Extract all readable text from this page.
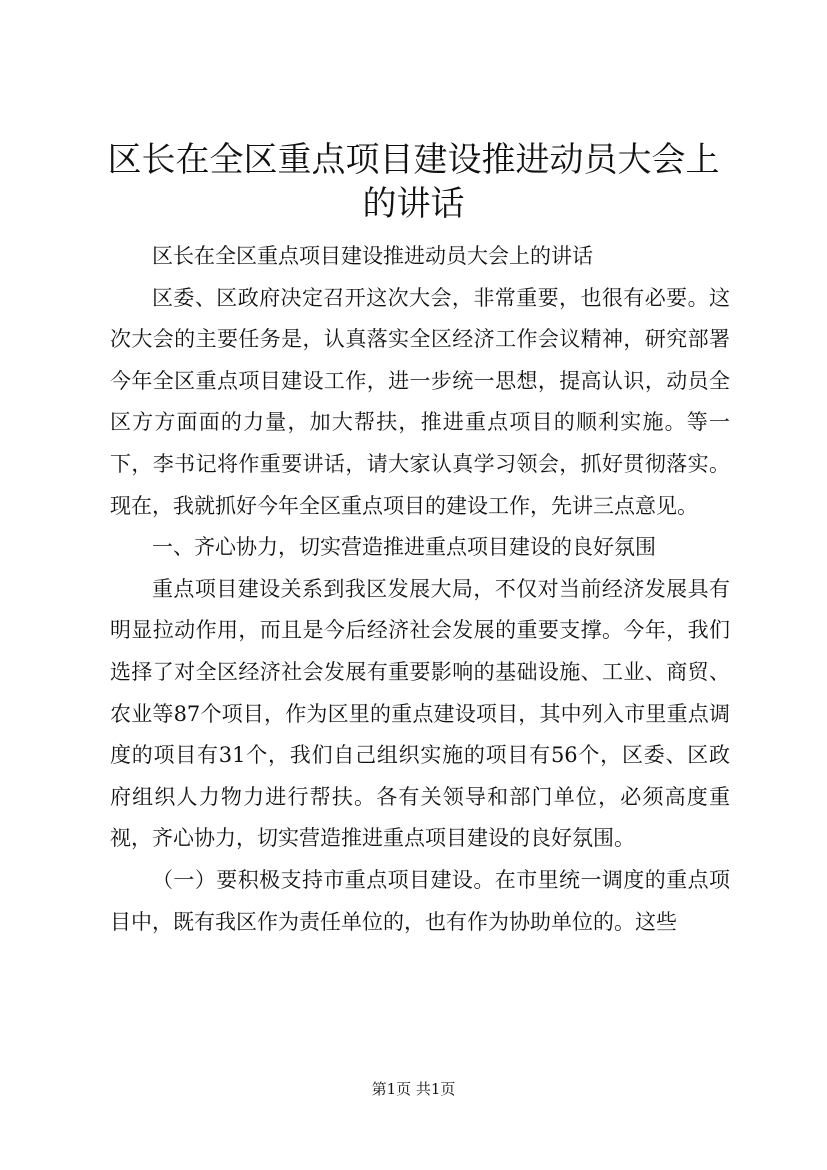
区长在全区重点项目建设推进动员大会上的讲话

区长在全区重点项目建设推进动员大会上的讲话

区委、区政府决定召开这次大会，非常重要，也很有必要。这次大会的主要任务是，认真落实全区经济工作会议精神，研究部署今年全区重点项目建设工作，进一步统一思想，提高认识，动员全区方方面面的力量，加大帮扶，推进重点项目的顺利实施。等一下，李书记将作重要讲话，请大家认真学习领会，抓好贯彻落实。现在，我就抓好今年全区重点项目的建设工作，先讲三点意见。

一、齐心协力，切实营造推进重点项目建设的良好氛围

重点项目建设关系到我区发展大局，不仅对当前经济发展具有明显拉动作用，而且是今后经济社会发展的重要支撑。今年，我们选择了对全区经济社会发展有重要影响的基础设施、工业、商贸、农业等87个项目，作为区里的重点建设项目，其中列入市里重点调度的项目有31个，我们自己组织实施的项目有56个，区委、区政府组织人力物力进行帮扶。各有关领导和部门单位，必须高度重视，齐心协力，切实营造推进重点项目建设的良好氛围。

（一）要积极支持市重点项目建设。在市里统一调度的重点项目中，既有我区作为责任单位的，也有作为协助单位的。这些

第1页 共1页
